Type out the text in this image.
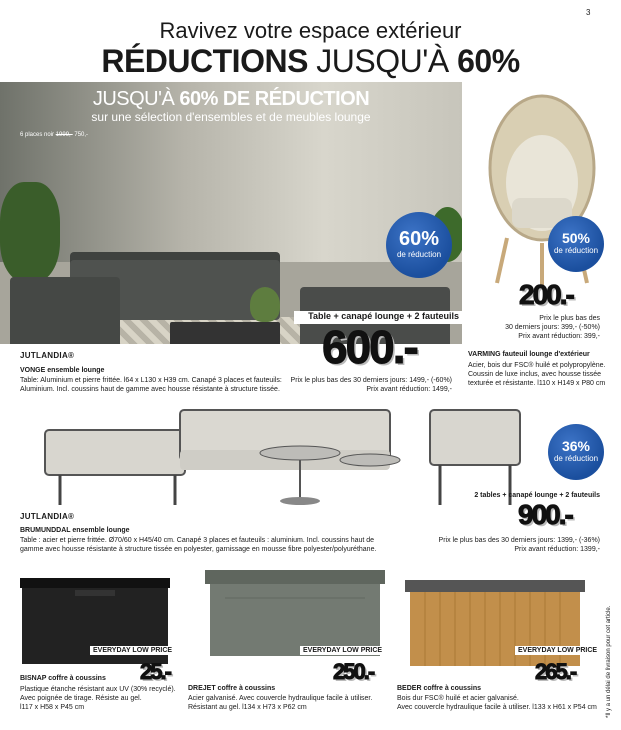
3
Ravivez votre espace extérieur
RÉDUCTIONS JUSQU'À 60%
JUSQU'À 60% DE RÉDUCTION
sur une sélection d'ensembles et de meubles lounge
6 places noir 1999,- 750,-
60%
de réduction
Table + canapé lounge + 2 fauteuils
JUTLANDIA®
VONGE ensemble lounge
Table: Aluminium et pierre frittée. l64 x L130 x H39 cm. Canapé 3 places et fauteuils:
Aluminium. Incl. coussins haut de gamme avec housse résistante à structure tissée.
600.-
Prix le plus bas des 30 derniers jours: 1499,- (-60%)
Prix avant réduction: 1499,-
50%
de réduction
200.-
Prix le plus bas des
30 derniers jours: 399,- (-50%)
Prix avant réduction: 399,-
VARMING fauteuil lounge d'extérieur
Acier, bois dur FSC® huilé et polypropylène.
Coussin de luxe inclus, avec housse tissée
texturée et résistante. l110 x H149 x P80 cm
36%
de réduction
2 tables + canapé lounge + 2 fauteuils
JUTLANDIA®
BRUMUNDDAL ensemble lounge
Table : acier et pierre frittée. Ø70/60 x H45/40 cm. Canapé 3 places et fauteuils : aluminium. Incl. coussins haut de
gamme avec housse résistante à structure tissée en polyester, garnissage en mousse fibre polyester/polyuréthane.
900.-
Prix le plus bas des 30 derniers jours: 1399,- (-36%)
Prix avant réduction: 1399,-
EVERYDAY LOW PRICE
25.-
BISNAP coffre à coussins
Plastique étanche résistant aux UV (30% recyclé).
Avec poignée de tirage. Résiste au gel.
l117 x H58 x P45 cm
EVERYDAY LOW PRICE
250.-
DREJET coffre à coussins
Acier galvanisé. Avec couvercle hydraulique facile à utiliser.
Résistant au gel. l134 x H73 x P62 cm
EVERYDAY LOW PRICE
265.-
BEDER coffre à coussins
Bois dur FSC® huilé et acier galvanisé.
Avec couvercle hydraulique facile à utiliser. l133 x H61 x P54 cm	*Il y a un délai de livraison pour cet article.
